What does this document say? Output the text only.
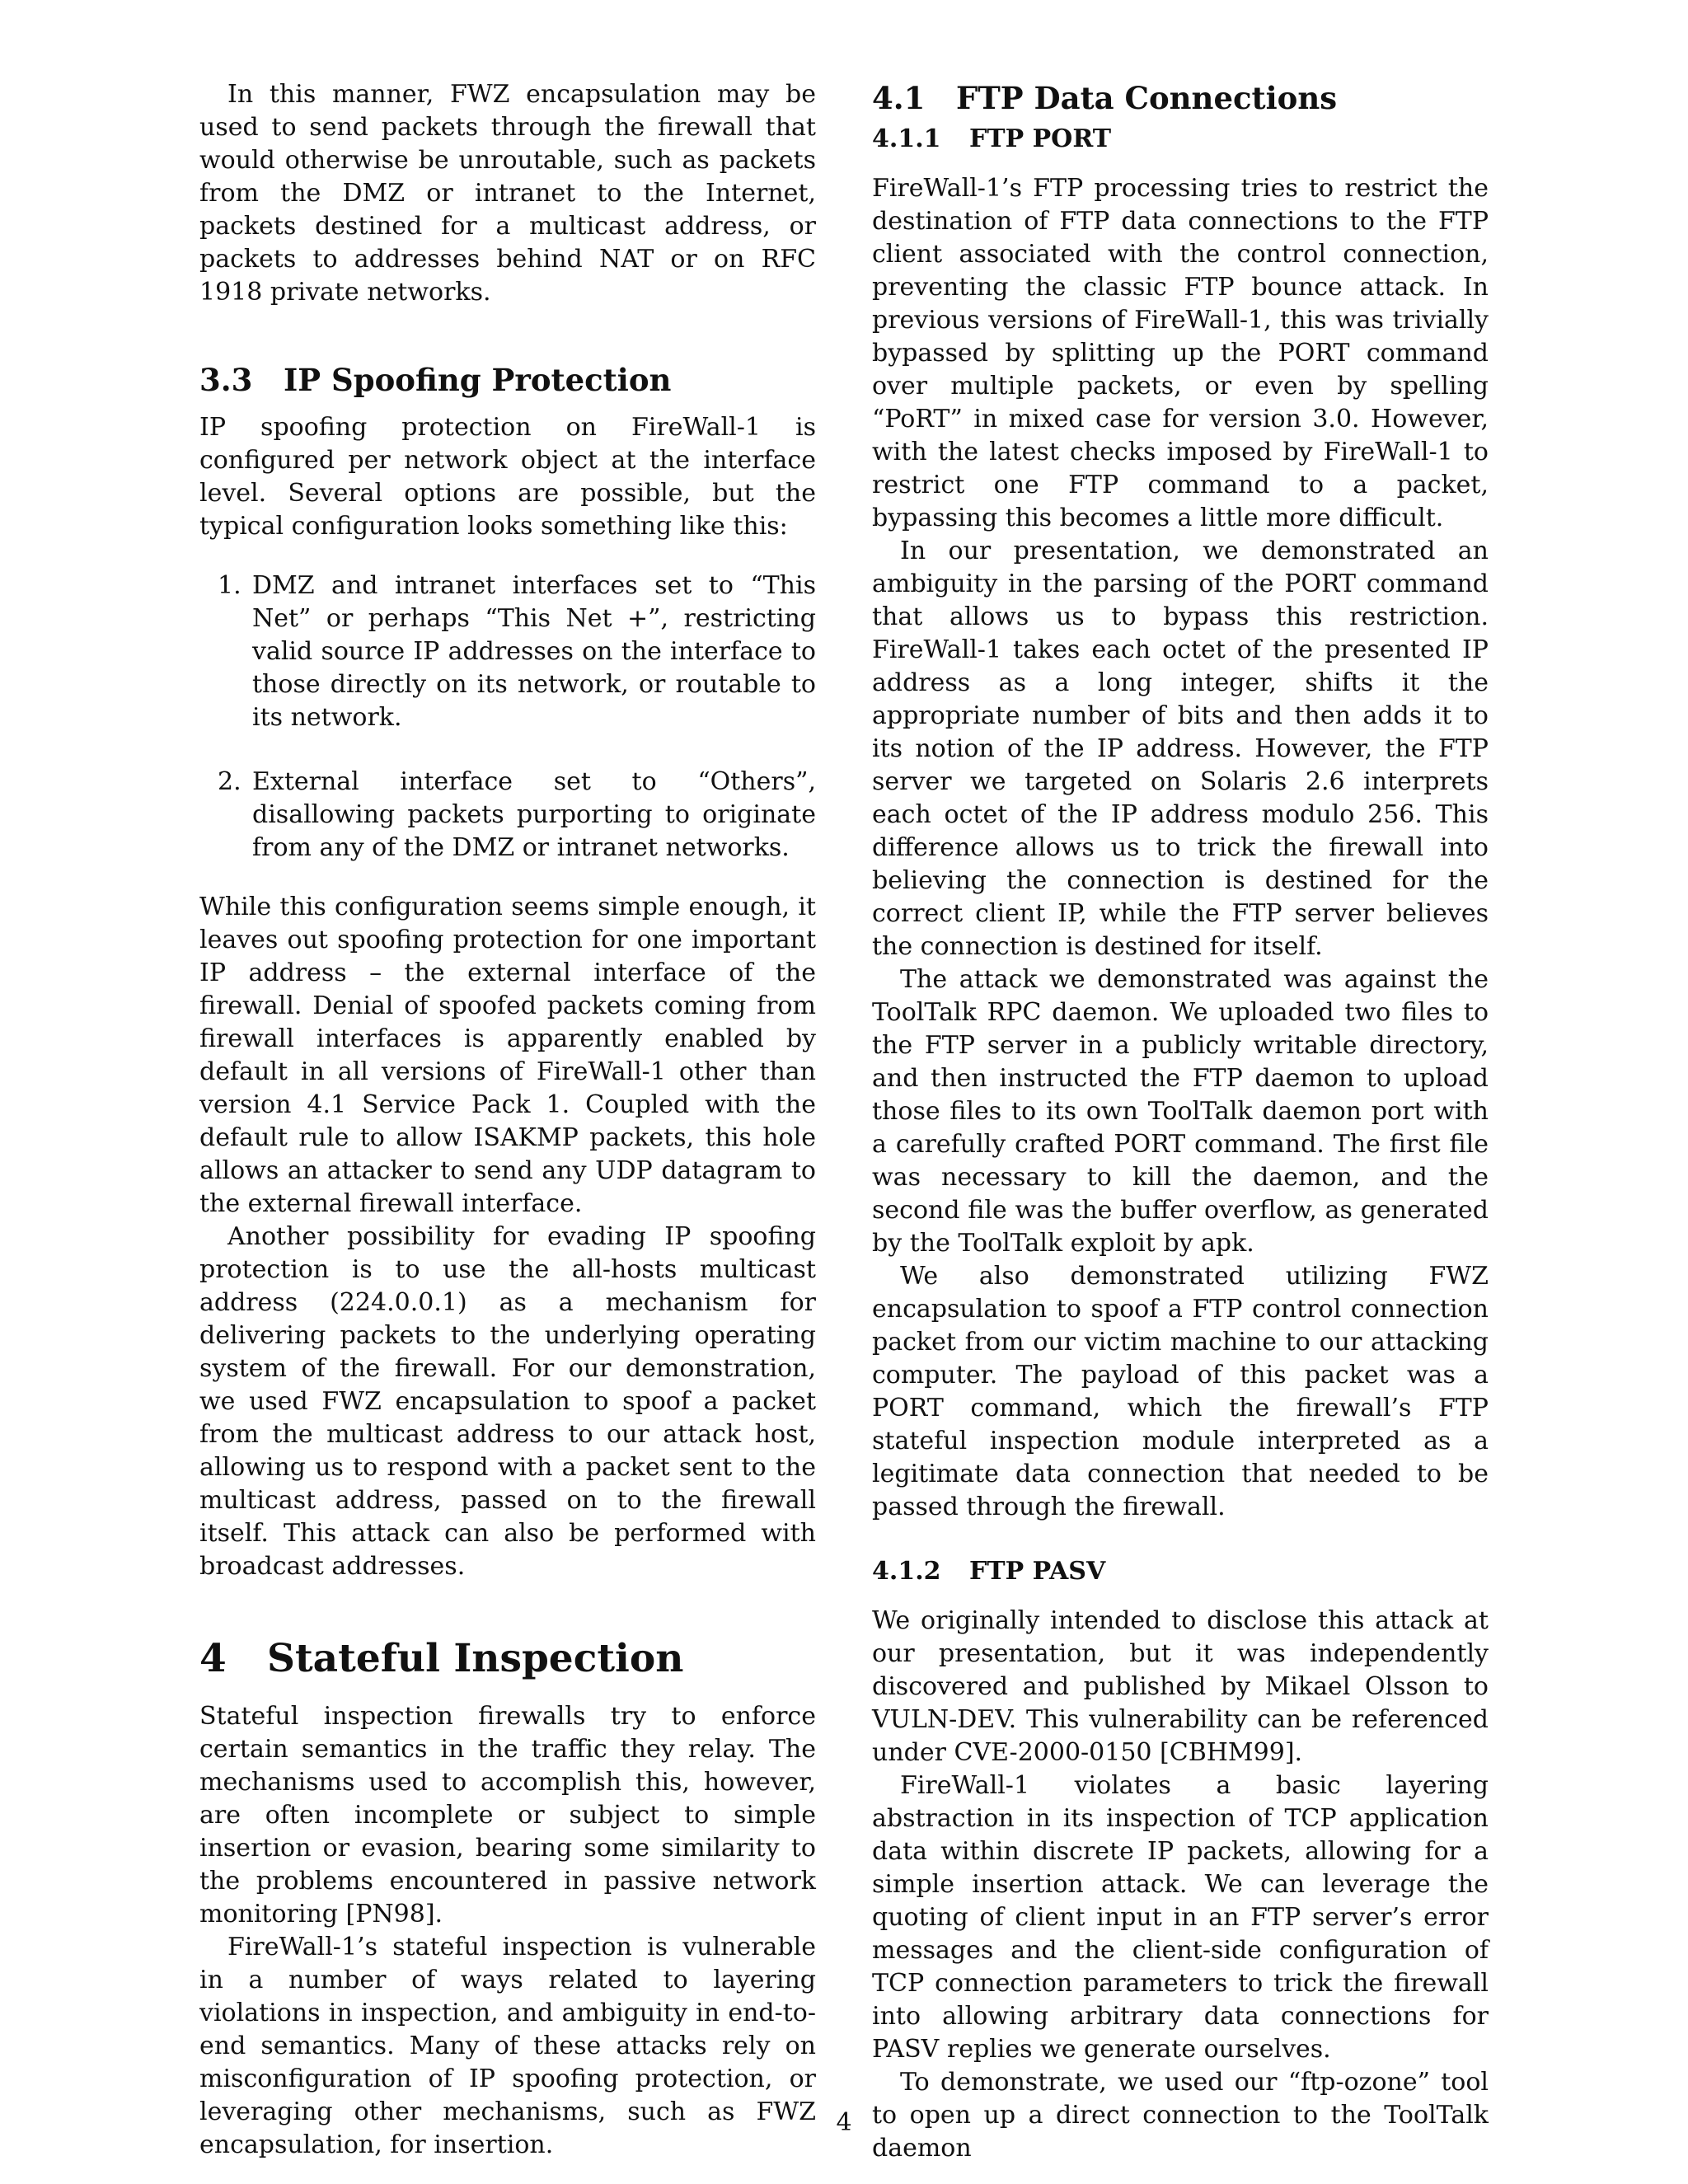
In this manner, FWZ encapsulation may be used to send packets through the firewall that would otherwise be unroutable, such as packets from the DMZ or intranet to the Internet, packets destined for a multicast address, or packets to addresses behind NAT or on RFC 1918 private networks.

3.3 IP Spoofing Protection

IP spoofing protection on FireWall-1 is configured per network object at the interface level. Several options are possible, but the typical configuration looks something like this:

1. DMZ and intranet interfaces set to “This Net” or perhaps “This Net +”, restricting valid source IP addresses on the interface to those directly on its network, or routable to its network.
2. External interface set to “Others”, disallowing packets purporting to originate from any of the DMZ or intranet networks.

While this configuration seems simple enough, it leaves out spoofing protection for one important IP address – the external interface of the firewall. Denial of spoofed packets coming from firewall interfaces is apparently enabled by default in all versions of FireWall-1 other than version 4.1 Service Pack 1. Coupled with the default rule to allow ISAKMP packets, this hole allows an attacker to send any UDP datagram to the external firewall interface.

Another possibility for evading IP spoofing protection is to use the all-hosts multicast address (224.0.0.1) as a mechanism for delivering packets to the underlying operating system of the firewall. For our demonstration, we used FWZ encapsulation to spoof a packet from the multicast address to our attack host, allowing us to respond with a packet sent to the multicast address, passed on to the firewall itself. This attack can also be performed with broadcast addresses.

4 Stateful Inspection

Stateful inspection firewalls try to enforce certain semantics in the traffic they relay. The mechanisms used to accomplish this, however, are often incomplete or subject to simple insertion or evasion, bearing some similarity to the problems encountered in passive network monitoring [PN98].

FireWall-1’s stateful inspection is vulnerable in a number of ways related to layering violations in inspection, and ambiguity in end-to-end semantics. Many of these attacks rely on misconfiguration of IP spoofing protection, or leveraging other mechanisms, such as FWZ encapsulation, for insertion.

4.1 FTP Data Connections
4.1.1 FTP PORT

FireWall-1’s FTP processing tries to restrict the destination of FTP data connections to the FTP client associated with the control connection, preventing the classic FTP bounce attack. In previous versions of FireWall-1, this was trivially bypassed by splitting up the PORT command over multiple packets, or even by spelling “PoRT” in mixed case for version 3.0. However, with the latest checks imposed by FireWall-1 to restrict one FTP command to a packet, bypassing this becomes a little more difficult.

In our presentation, we demonstrated an ambiguity in the parsing of the PORT command that allows us to bypass this restriction. FireWall-1 takes each octet of the presented IP address as a long integer, shifts it the appropriate number of bits and then adds it to its notion of the IP address. However, the FTP server we targeted on Solaris 2.6 interprets each octet of the IP address modulo 256. This difference allows us to trick the firewall into believing the connection is destined for the correct client IP, while the FTP server believes the connection is destined for itself.

The attack we demonstrated was against the ToolTalk RPC daemon. We uploaded two files to the FTP server in a publicly writable directory, and then instructed the FTP daemon to upload those files to its own ToolTalk daemon port with a carefully crafted PORT command. The first file was necessary to kill the daemon, and the second file was the buffer overflow, as generated by the ToolTalk exploit by apk.

We also demonstrated utilizing FWZ encapsulation to spoof a FTP control connection packet from our victim machine to our attacking computer. The payload of this packet was a PORT command, which the firewall’s FTP stateful inspection module interpreted as a legitimate data connection that needed to be passed through the firewall.

4.1.2 FTP PASV

We originally intended to disclose this attack at our presentation, but it was independently discovered and published by Mikael Olsson to VULN-DEV. This vulnerability can be referenced under CVE-2000-0150 [CBHM99].

FireWall-1 violates a basic layering abstraction in its inspection of TCP application data within discrete IP packets, allowing for a simple insertion attack. We can leverage the quoting of client input in an FTP server’s error messages and the client-side configuration of TCP connection parameters to trick the firewall into allowing arbitrary data connections for PASV replies we generate ourselves.

To demonstrate, we used our “ftp-ozone” tool to open up a direct connection to the ToolTalk daemon

4
